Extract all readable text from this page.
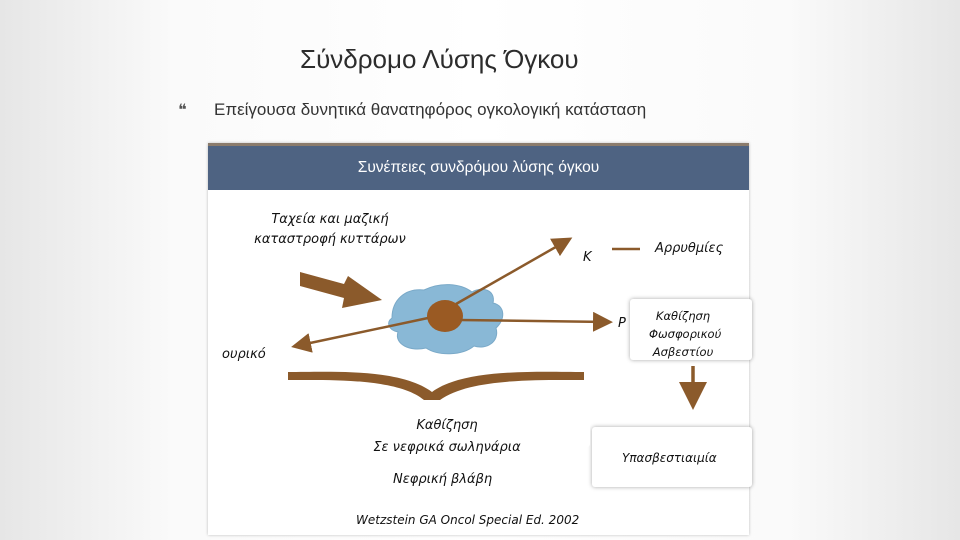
Σύνδρομο Λύσης Όγκου
❝ Επείγουσα δυνητικά θανατηφόρος ογκολογική κατάσταση
Συνέπειες συνδρόμου λύσης όγκου
Ταχεία και μαζική
καταστροφή κυττάρων
K
Αρρυθμίες
P	Καθίζηση
Φωσφορικού
Ασβεστίου
ουρικό
Καθίζηση
Σε νεφρικά σωληνάρια
Υπασβεστιαιμία
Νεφρική βλάβη
Wetzstein GA Oncol Special Ed. 2002
